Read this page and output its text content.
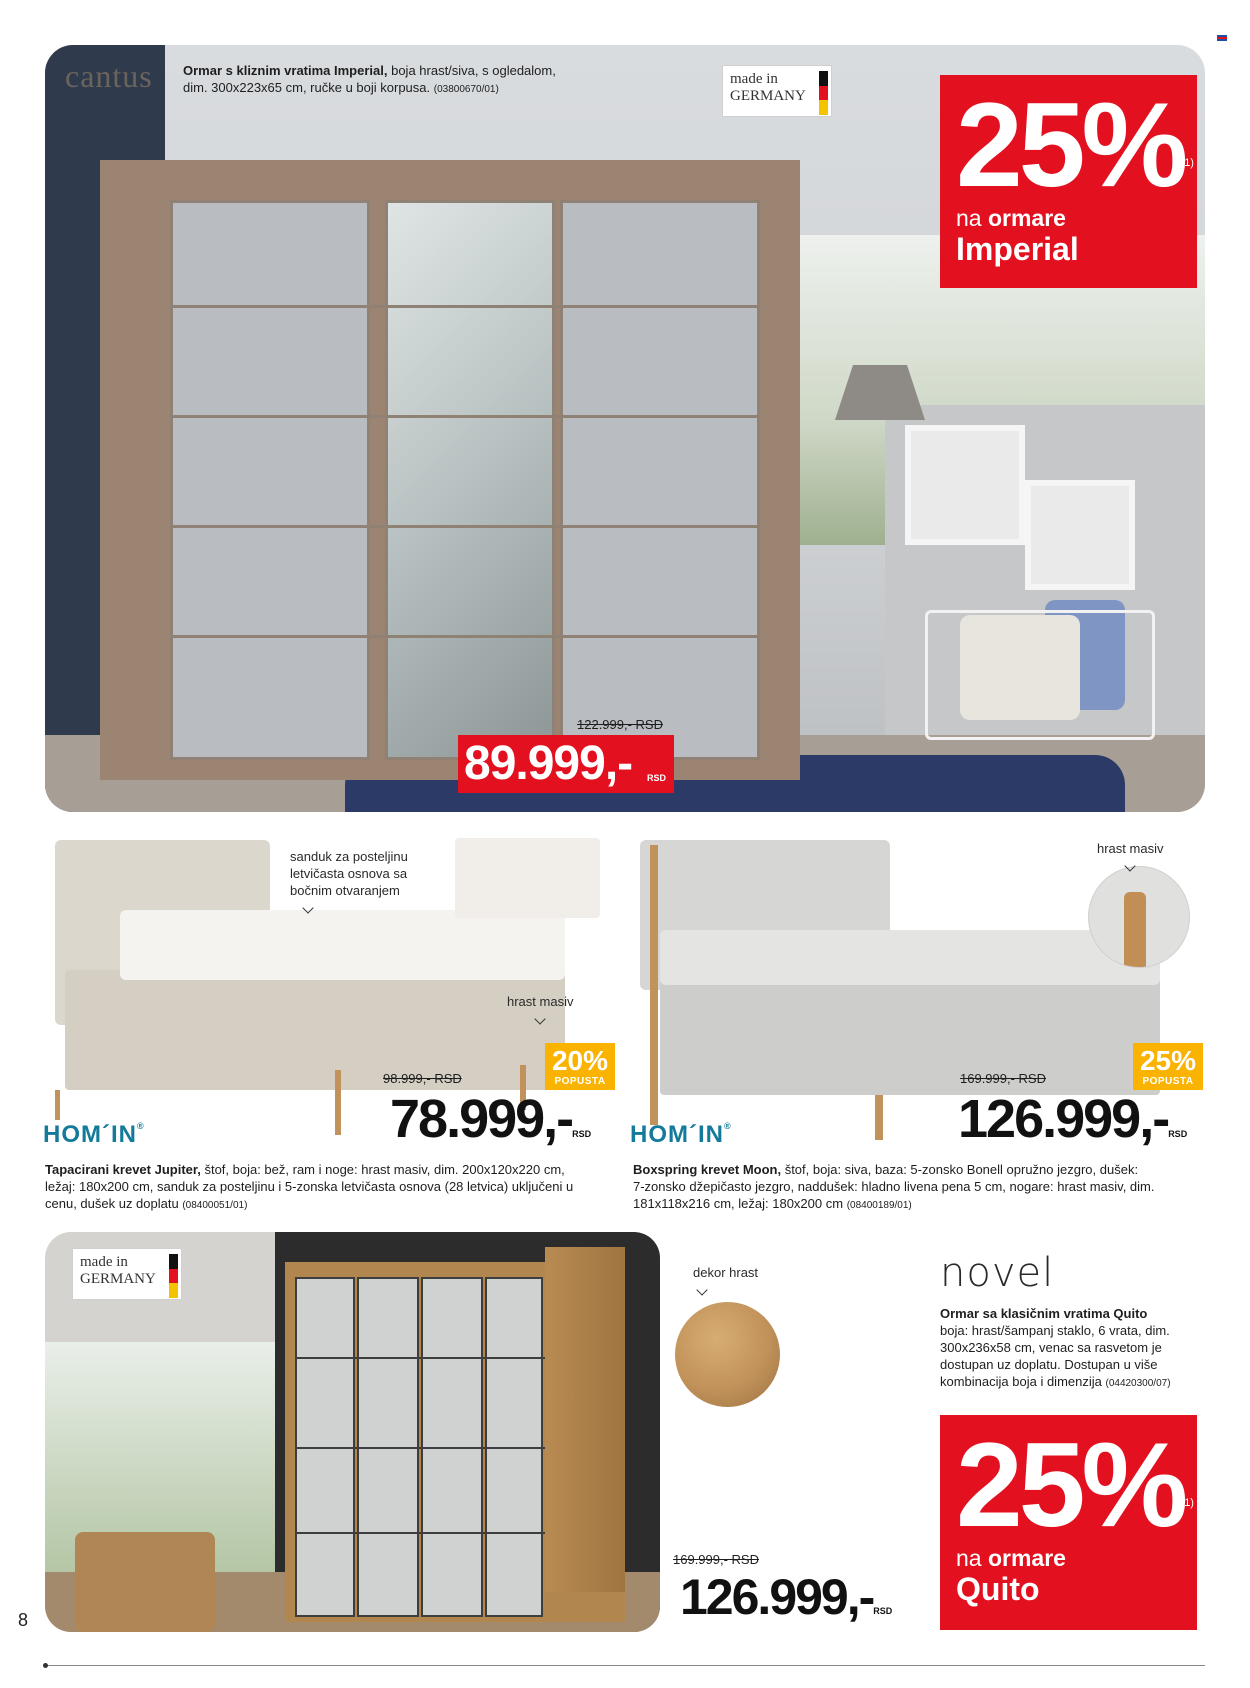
cantus Ormar s kliznim vratima Imperial, boja hrast/siva, s ogledalom,
dim. 300x223x65 cm, ručke u boji korpusa. (03800670/01)
made in
GERMANY 25%$^{1)}$
na ormare
Imperial
122.999,- RSD
89.999,- RSD
sanduk za posteljinu
letvičasta osnova sa
bočnim otvaranjem
hrast masiv
20%
POPUSTA
98.999,- RSD
78.999,-RSD
HOM´IN®
Tapacirani krevet Jupiter, štof, boja: bež, ram i noge: hrast masiv, dim. 200x120x220 cm,
ležaj: 180x200 cm, sanduk za posteljinu i 5-zonska letvičasta osnova (28 letvica) uključeni u
cenu, dušek uz doplatu (08400051/01)
hrast masiv
25%
POPUSTA
169.999,- RSD
126.999,-RSD
HOM´IN®
Boxspring krevet Moon, štof, boja: siva, baza: 5-zonsko Bonell opružno jezgro, dušek:
7-zonsko džepičasto jezgro, naddušek: hladno livena pena 5 cm, nogare: hrast masiv, dim.
181x118x216 cm, ležaj: 180x200 cm (08400189/01)
made in
GERMANY	dekor hrast	novel
Ormar sa klasičnim vratima Quito
boja: hrast/šampanj staklo, 6 vrata, dim.
300x236x58 cm, venac sa rasvetom je
dostupan uz doplatu. Dostupan u više
kombinacija boja i dimenzija (04420300/07)
25%$^{1)}$
na ormare
Quito
169.999,- RSD
126.999,-RSD
8
